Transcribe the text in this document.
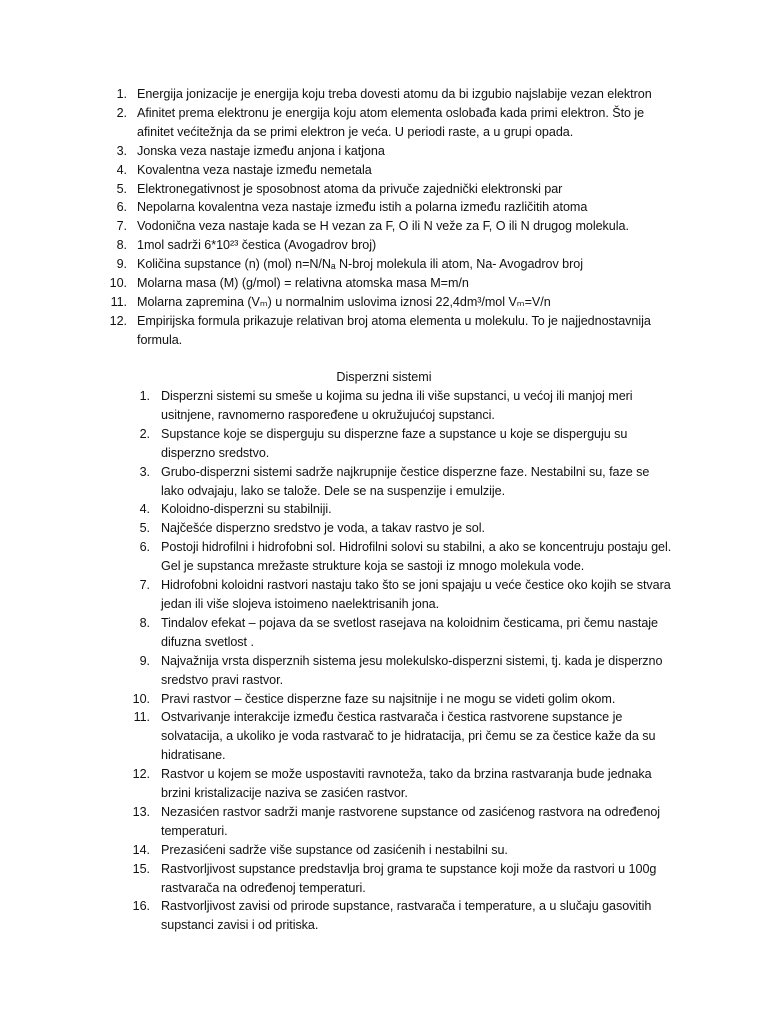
1. Energija jonizacije je energija koju treba dovesti atomu da bi izgubio najslabije vezan elektron
2. Afinitet prema elektronu je energija koju atom elementa oslobađa kada primi elektron. Što je afinitet većitežnja da se primi elektron je veća. U periodi raste, a u grupi opada.
3. Jonska veza nastaje između anjona i katjona
4. Kovalentna veza nastaje između nemetala
5. Elektronegativnost je sposobnost atoma da privuče zajednički elektronski par
6. Nepolarna kovalentna veza nastaje između istih a polarna između različitih atoma
7. Vodonična veza nastaje kada se H vezan za F, O ili N veže za F, O ili N drugog molekula.
8. 1mol sadrži 6*10²³ čestica (Avogadrov broj)
9. Količina supstance (n) (mol) n=N/Nₐ N-broj molekula ili atom, Na- Avogadrov broj
10. Molarna masa (M) (g/mol) = relativna atomska masa M=m/n
11. Molarna zapremina (Vₘ) u normalnim uslovima iznosi 22,4dm³/mol Vₘ=V/n
12. Empirijska formula prikazuje relativan broj atoma elementa u molekulu. To je najjednostavnija formula.
Disperzni sistemi
1. Disperzni sistemi su smeše u kojima su jedna ili više supstanci, u većoj ili manjoj meri usitnjene, ravnomerno raspoređene u okružujućoj supstanci.
2. Supstance koje se disperguju su disperzne faze a supstance u koje se disperguju su disperzno sredstvo.
3. Grubo-disperzni sistemi sadrže najkrupnije čestice disperzne faze. Nestabilni su, faze se lako odvajaju, lako se talože. Dele se na suspenzije i emulzije.
4. Koloidno-disperzni su stabilniji.
5. Najčešće disperzno sredstvo je voda, a takav rastvo je sol.
6. Postoji hidrofilni i hidrofobni sol. Hidrofilni solovi su stabilni, a ako se koncentruju postaju gel. Gel je supstanca mrežaste strukture koja se sastoji iz mnogo molekula vode.
7. Hidrofobni koloidni rastvori nastaju tako što se joni spajaju u veće čestice oko kojih se stvara jedan ili više slojeva istoimeno naelektrisanih jona.
8. Tindalov efekat – pojava da se svetlost rasejava na koloidnim česticama, pri čemu nastaje difuzna svetlost .
9. Najvažnija vrsta disperznih sistema jesu molekulsko-disperzni sistemi, tj. kada je disperzno sredstvo pravi rastvor.
10. Pravi rastvor – čestice disperzne faze su najsitnije i ne mogu se videti golim okom.
11. Ostvarivanje interakcije između čestica rastvarača i čestica rastvorene supstance je solvatacija, a ukoliko je voda rastvarač to je hidratacija, pri čemu se za čestice kaže da su hidratisane.
12. Rastvor u kojem se može uspostaviti ravnoteža, tako da brzina rastvaranja bude jednaka brzini kristalizacije naziva se zasićen rastvor.
13. Nezasićen rastvor sadrži manje rastvorene supstance od zasićenog rastvora na određenoj temperaturi.
14. Prezasićeni sadrže više supstance od zasićenih i nestabilni su.
15. Rastvorljivost supstance predstavlja broj grama te supstance koji može da rastvori u 100g rastvarača na određenoj temperaturi.
16. Rastvorljivost zavisi od prirode supstance, rastvarača i temperature, a u slučaju gasovitih supstanci zavisi i od pritiska.
